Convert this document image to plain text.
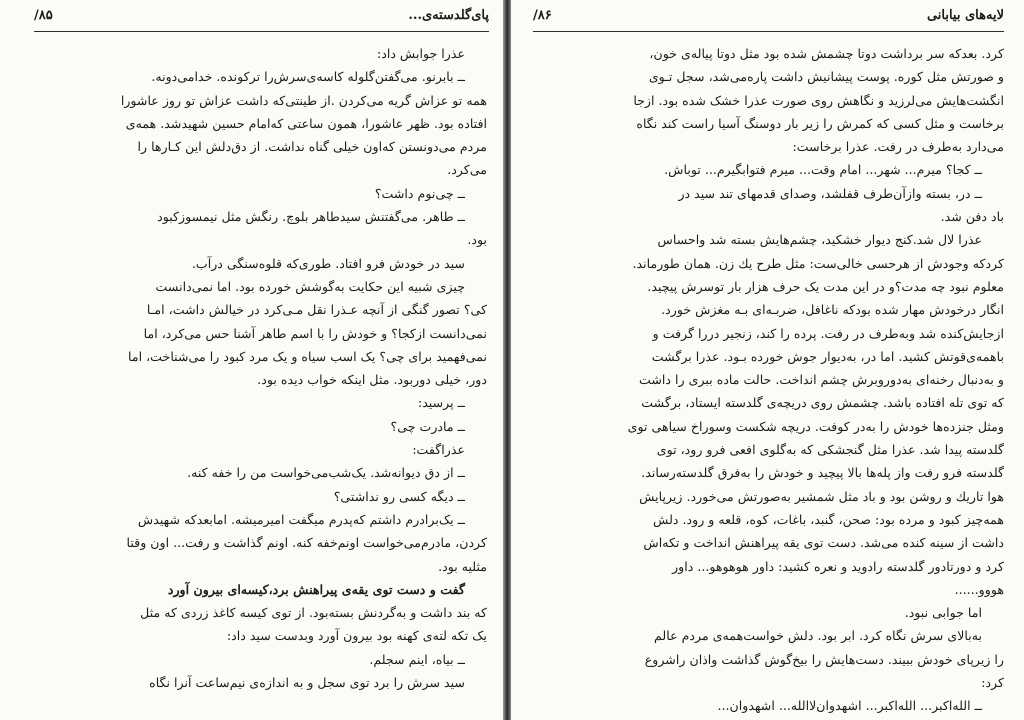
پای‌گلدسته‌ی...
۸۵/
عذرا جوابش داد:
ــ بابرنو. می‌گفتن‌گلوله کاسه‌ی‌سرش‌را ترکونده. خدامی‌دونه.
همه تو عزاش گریه می‌کردن .از طینتی‌که داشت عزاش تو روز عاشورا
افتاده بود. ظهر عاشورا، همون ساعتی که‌امام حسین شهیدشد. همه‌ی
مردم می‌دونستن که‌اون خیلی گناه نداشت. از دق‌دلش این کـارها را
می‌کرد.
ــ چی‌نوم داشت؟
ــ طاهر. می‌گفتنش سیدطاهر بلوچ. رنگش مثل نیمسوزکبود
بود.
سید در خودش فرو افتاد. طوری‌که قلوه‌سنگی درآب.
چیزی شبیه این حکایت به‌گوشش خورده بود. اما نمی‌دانست
کی؟ تصور گنگی از آنچه عـذرا نقل مـی‌کرد در خیالش داشت، امـا
نمی‌دانست ازکجا؟ و خودش را با اسم طاهر آشنا حس می‌کرد، اما
نمی‌فهمید برای چی؟ یک اسب سیاه و یک مرد کبود را می‌شناخت، اما
دور، خیلی دوربود. مثل اینکه خواب دیده بود.
ــ پرسید:
ــ مادرت چی؟
عذراگفت:
ــ از دق دیوانه‌شد. یک‌شب‌می‌خواست من را خفه کنه.
ــ دیگه کسی رو نداشتی؟
ــ یک‌برادرم داشتم که‌پدرم میگفت امیرمیشه. امابعدکه شهیدش
کردن، مادرم‌می‌خواست اونم‌خفه کنه. اونم گذاشت و رفت... اون وقتا
مثلیه بود.
گفت و دست توی یقه‌ی پیراهنش برد،کیسه‌ای بیرون آورد
که بند داشت و به‌گردنش بسته‌بود. از توی کیسه کاغذ زردی که مثل
یک تکه لته‌ی کهنه بود بیرون آورد وبدست سید داد:
ــ بیاه، اینم سجلم.
سید سرش را برد توی سجل و به اندازه‌ی نیم‌ساعت آنرا نگاه
لایه‌های بیابانی
۸۶/
کرد. بعدکه سر برداشت دوتا چشمش شده بود مثل دوتا پیاله‌ی خون،
و صورتش مثل کوره. پوست پیشانیش داشت پاره‌می‌شد، سجل تـوی
انگشت‌هایش می‌لرزید و نگاهش روی صورت عذرا خشک شده بود. ازجا
برخاست و مثل کسی که کمرش را زیر بار دوسنگ آسیا راست کند نگاه
می‌دارد به‌طرف در رفت. عذرا برخاست:
ــ کجا؟ میرم... شهر... امام وقت... میرم فتوابگیرم... توباش.
ــ در، بسته وازآن‌طرف قفلشد، وصدای قدمهای تند سید در
باد دفن شد.
عذرا لال شد.کنج دیوار خشکید، چشم‌هایش بسته شد واحساس
کردکه وجودش از هرحسی خالی‌ست: مثل طرح یك زن. همان طورماند.
معلوم نبود چه مدت؟و در این مدت یک حرف هزار بار توسرش پیچید.
انگار درخودش مهار شده بودکه ناغافل، ضربـه‌ای بـه مغزش خورد.
ازجایش‌کنده شد و‌به‌طرف در رفت. پرده را کند، زنجیر دررا گرفت و
باهمه‌ی‌قوتش کشید. اما در، به‌دیوار جوش خورده بـود. عذرا برگشت
و به‌دنبال رخنه‌ای به‌دوروبرش چشم انداخت. حالت ماده ببری را داشت
که توی تله افتاده باشد. چشمش روی دریچه‌ی گلدسته ایستاد، برگشت
ومثل جنزده‌ها خودش را به‌در کوفت. دریچه شکست وسوراخ سیاهی توی
گلدسته پیدا شد. عذرا مثل گنجشکی که به‌گلوی افعی فرو رود، توی
گلدسته فرو رفت واز پله‌ها بالا پیچید و خودش را به‌فرق گلدسته‌رساند.
هوا تاریك و روشن بود و باد مثل شمشیر به‌صورتش می‌خورد. زیرپایش
همه‌چیز کبود و مرده بود: صحن، گنبد، باغات، کوه، قلعه و رود. دلش
داشت از سینه کنده می‌شد. دست توی یقه پیراهنش انداخت و تکه‌اش
کرد و دورتادور گلدسته رادوید و نعره کشید: داور هوهوهو... داور
هووو......
اما جوابی نبود.
به‌بالای سرش نگاه کرد. ابر بود. دلش خواست‌همه‌ی مردم عالم
را زیرپای خودش ببیند. دست‌هایش را بیخ‌گوش گذاشت واذان راشروع
کرد:
ــ الله‌اکبر... الله‌اکبر... اشهدوان‌لاالله... اشهدوان...
